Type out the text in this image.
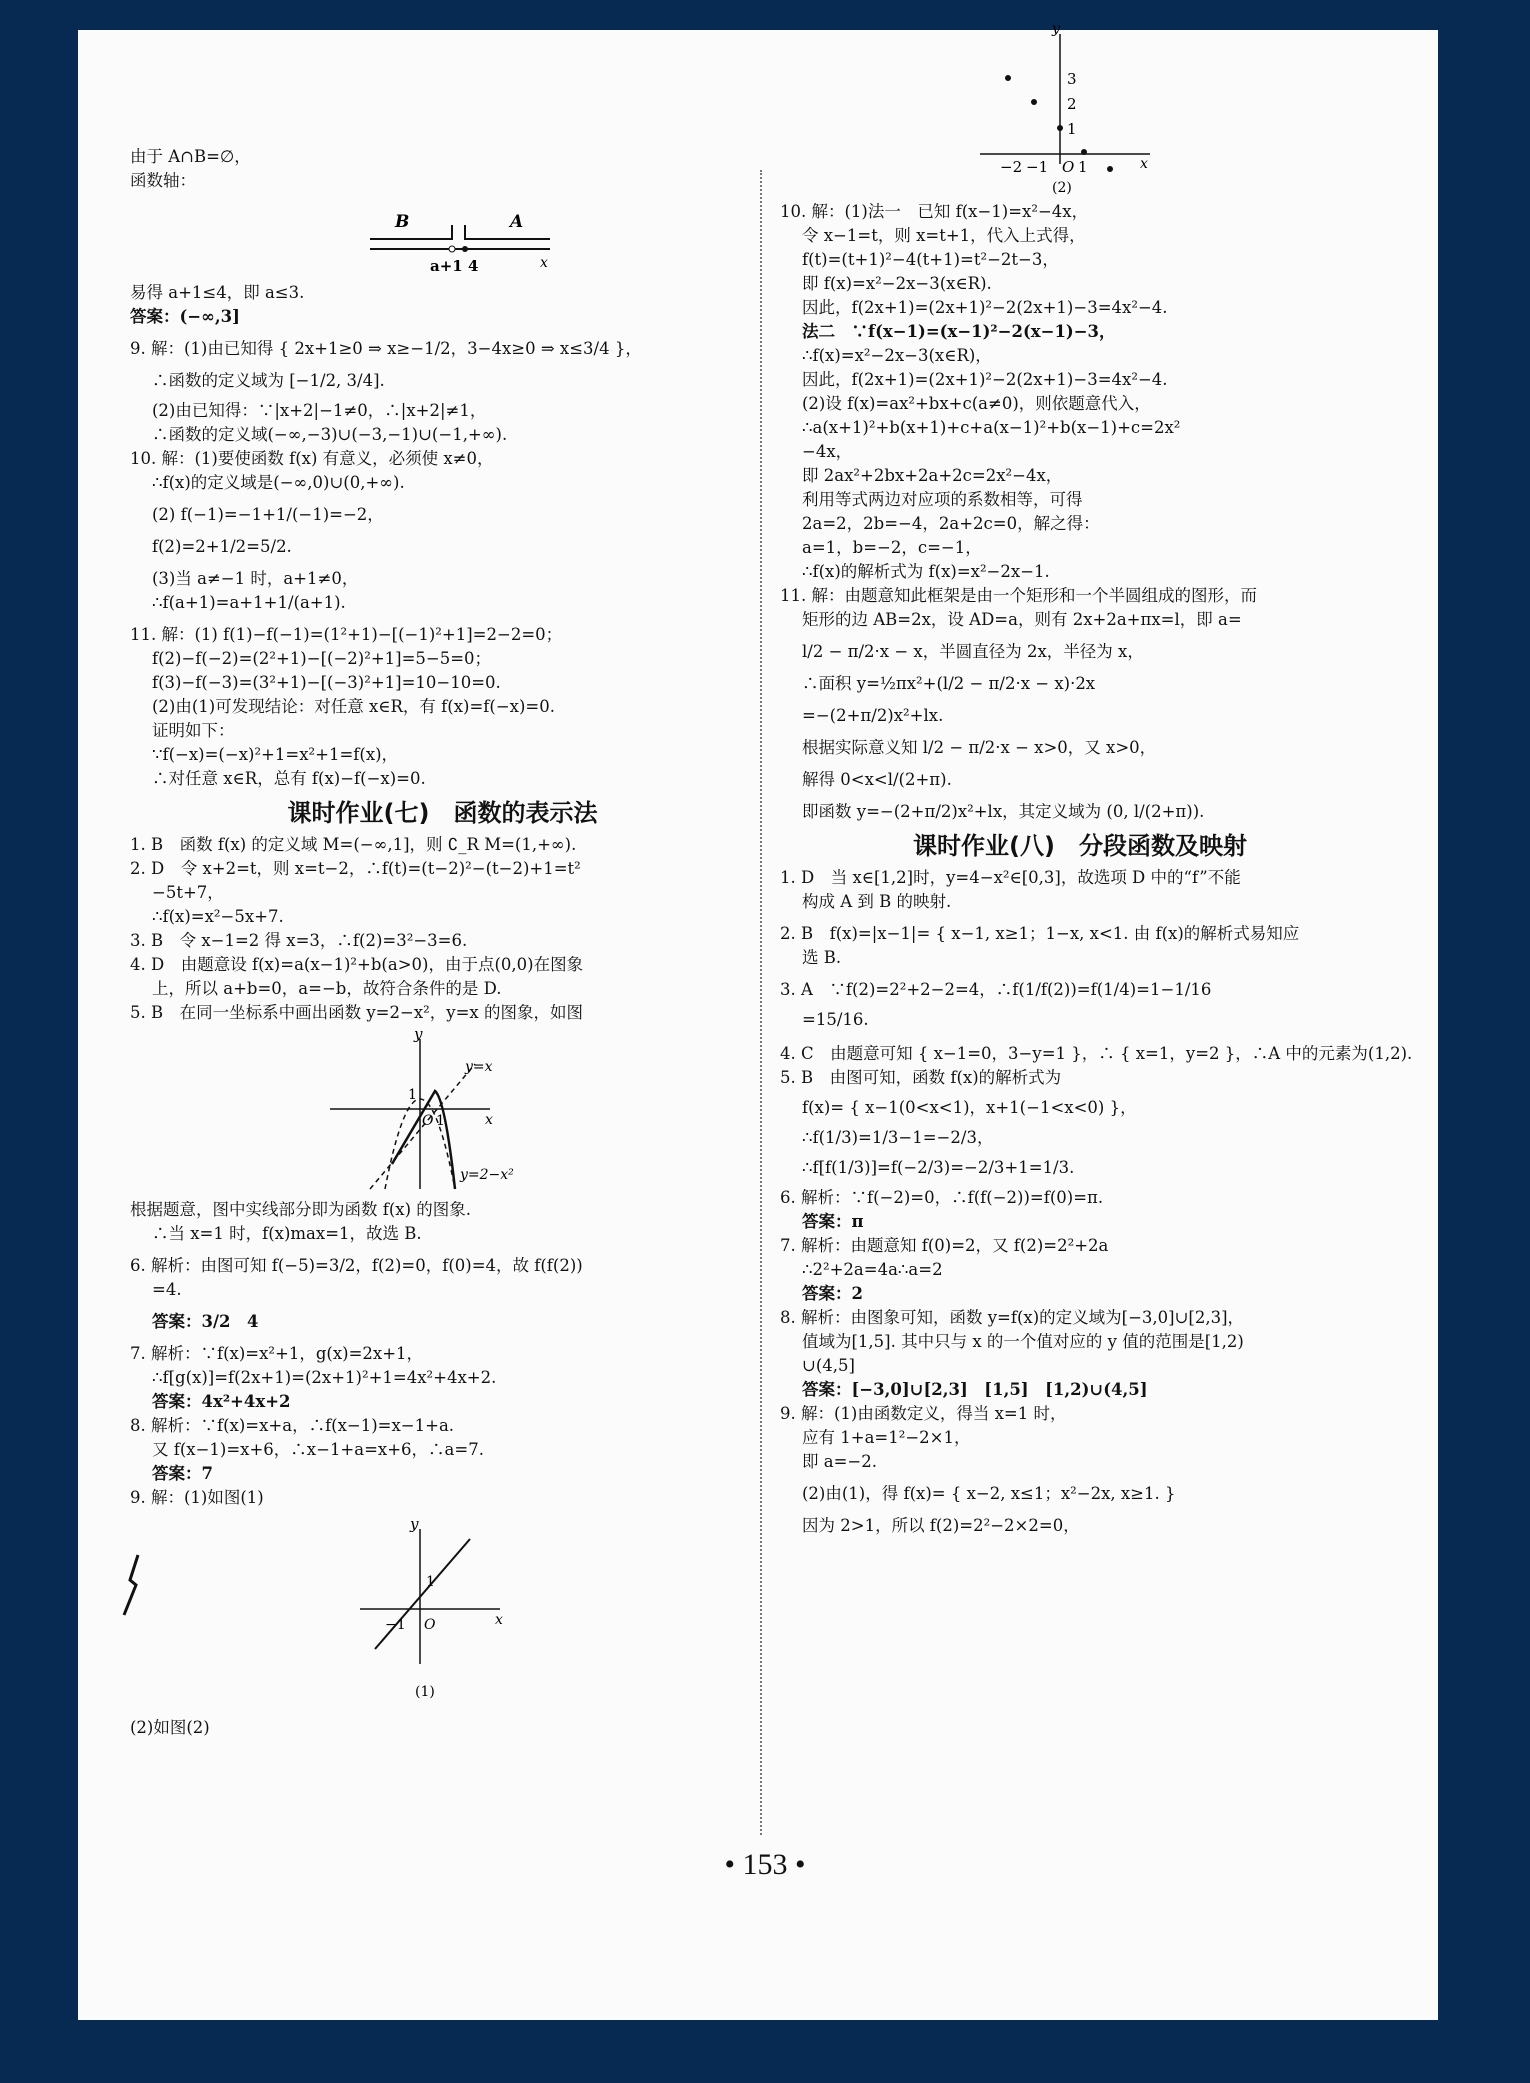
由于 A∩B=∅，
函数轴：
B	A
a+1 4	x
易得 a+1≤4，即 a≤3.
答案：(−∞,3]
9. 解：(1)由已知得 { 2x+1≥0 ⇒ x≥−1/2，3−4x≥0 ⇒ x≤3/4 }，
∴函数的定义域为 [−1/2, 3/4].
(2)由已知得：∵|x+2|−1≠0，∴|x+2|≠1，
∴函数的定义域(−∞,−3)∪(−3,−1)∪(−1,+∞).
10. 解：(1)要使函数 f(x) 有意义，必须使 x≠0，
∴f(x)的定义域是(−∞,0)∪(0,+∞).
(2) f(−1)=−1+1/(−1)=−2，
f(2)=2+1/2=5/2.
(3)当 a≠−1 时，a+1≠0，
∴f(a+1)=a+1+1/(a+1).
11. 解：(1) f(1)−f(−1)=(1²+1)−[(−1)²+1]=2−2=0；
f(2)−f(−2)=(2²+1)−[(−2)²+1]=5−5=0；
f(3)−f(−3)=(3²+1)−[(−3)²+1]=10−10=0.
(2)由(1)可发现结论：对任意 x∈R，有 f(x)=f(−x)=0.
证明如下：
∵f(−x)=(−x)²+1=x²+1=f(x)，
∴对任意 x∈R，总有 f(x)−f(−x)=0.
课时作业(七)　函数的表示法
1. B　函数 f(x) 的定义域 M=(−∞,1]，则 ∁_R M=(1,+∞).
2. D　令 x+2=t，则 x=t−2，∴f(t)=(t−2)²−(t−2)+1=t²
−5t+7，
∴f(x)=x²−5x+7.
3. B　令 x−1=2 得 x=3，∴f(2)=3²−3=6.
4. D　由题意设 f(x)=a(x−1)²+b(a>0)，由于点(0,0)在图象
上，所以 a+b=0，a=−b，故符合条件的是 D.
5. B　在同一坐标系中画出函数 y=2−x²，y=x 的图象，如图
y
x
1
O 1
y=x
y=2−x²
根据题意，图中实线部分即为函数 f(x) 的图象.
∴当 x=1 时，f(x)max=1，故选 B.
6. 解析：由图可知 f(−5)=3/2，f(2)=0，f(0)=4，故 f(f(2))
=4.
答案：3/2　4
7. 解析：∵f(x)=x²+1，g(x)=2x+1，
∴f[g(x)]=f(2x+1)=(2x+1)²+1=4x²+4x+2.
答案：4x²+4x+2
8. 解析：∵f(x)=x+a，∴f(x−1)=x−1+a.
又 f(x−1)=x+6，∴x−1+a=x+6，∴a=7.
答案：7
9. 解：(1)如图(1)
y
x
1
−1 O
(1)
(2)如图(2)
y
x
3
2
1
−2 −1 O 1
(2)
10. 解：(1)法一　已知 f(x−1)=x²−4x，
令 x−1=t，则 x=t+1，代入上式得，
f(t)=(t+1)²−4(t+1)=t²−2t−3，
即 f(x)=x²−2x−3(x∈R).
因此，f(2x+1)=(2x+1)²−2(2x+1)−3=4x²−4.
法二　∵f(x−1)=(x−1)²−2(x−1)−3，
∴f(x)=x²−2x−3(x∈R)，
因此，f(2x+1)=(2x+1)²−2(2x+1)−3=4x²−4.
(2)设 f(x)=ax²+bx+c(a≠0)，则依题意代入，
∴a(x+1)²+b(x+1)+c+a(x−1)²+b(x−1)+c=2x²
−4x，
即 2ax²+2bx+2a+2c=2x²−4x，
利用等式两边对应项的系数相等，可得
2a=2，2b=−4，2a+2c=0，解之得：
a=1，b=−2，c=−1，
∴f(x)的解析式为 f(x)=x²−2x−1.
11. 解：由题意知此框架是由一个矩形和一个半圆组成的图形，而
矩形的边 AB=2x，设 AD=a，则有 2x+2a+πx=l，即 a=
l/2 − π/2·x − x，半圆直径为 2x，半径为 x，
∴面积 y=½πx²+(l/2 − π/2·x − x)·2x
=−(2+π/2)x²+lx.
根据实际意义知 l/2 − π/2·x − x>0，又 x>0，
解得 0<x<l/(2+π).
即函数 y=−(2+π/2)x²+lx，其定义域为 (0, l/(2+π)).
课时作业(八)　分段函数及映射
1. D　当 x∈[1,2]时，y=4−x²∈[0,3]，故选项 D 中的“f”不能
构成 A 到 B 的映射.
2. B　f(x)=|x−1|= { x−1, x≥1；1−x, x<1. 由 f(x)的解析式易知应
选 B.
3. A　∵f(2)=2²+2−2=4，∴f(1/f(2))=f(1/4)=1−1/16
=15/16.
4. C　由题意可知 { x−1=0，3−y=1 }，∴ { x=1，y=2 }，∴A 中的元素为(1,2).
5. B　由图可知，函数 f(x)的解析式为
f(x)= { x−1(0<x<1)，x+1(−1<x<0) }，
∴f(1/3)=1/3−1=−2/3，
∴f[f(1/3)]=f(−2/3)=−2/3+1=1/3.
6. 解析：∵f(−2)=0，∴f(f(−2))=f(0)=π.
答案：π
7. 解析：由题意知 f(0)=2，又 f(2)=2²+2a
∴2²+2a=4a∴a=2
答案：2
8. 解析：由图象可知，函数 y=f(x)的定义域为[−3,0]∪[2,3]，
值域为[1,5]. 其中只与 x 的一个值对应的 y 值的范围是[1,2)
∪(4,5]
答案：[−3,0]∪[2,3]　[1,5]　[1,2)∪(4,5]
9. 解：(1)由函数定义，得当 x=1 时，
应有 1+a=1²−2×1，
即 a=−2.
(2)由(1)，得 f(x)= { x−2, x≤1；x²−2x, x≥1. }
因为 2>1，所以 f(2)=2²−2×2=0，
• 153 •
